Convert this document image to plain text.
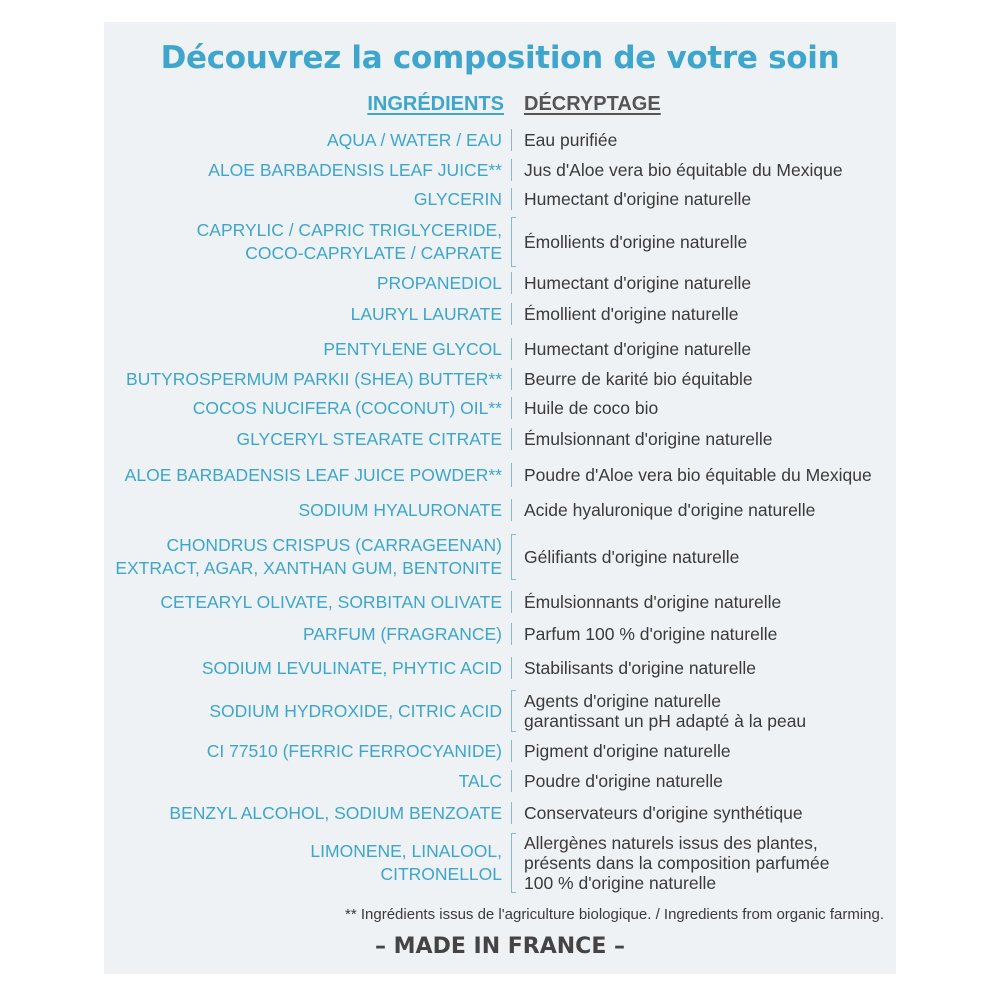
Découvrez la composition de votre soin
INGRÉDIENTS DÉCRYPTAGE
** Ingrédients issus de l'agriculture biologique. / Ingredients from organic farming.
– MADE IN FRANCE –
AQUA / WATER / EAU Eau purifiée
ALOE BARBADENSIS LEAF JUICE** Jus d'Aloe vera bio équitable du Mexique
GLYCERIN Humectant d'origine naturelle
CAPRYLIC / CAPRIC TRIGLYCERIDE,
COCO-CAPRYLATE / CAPRATE
Émollients d'origine naturelle
PROPANEDIOL Humectant d'origine naturelle
LAURYL LAURATE Émollient d'origine naturelle
PENTYLENE GLYCOL Humectant d'origine naturelle
BUTYROSPERMUM PARKII (SHEA) BUTTER** Beurre de karité bio équitable
COCOS NUCIFERA (COCONUT) OIL** Huile de coco bio
GLYCERYL STEARATE CITRATE Émulsionnant d'origine naturelle
ALOE BARBADENSIS LEAF JUICE POWDER** Poudre d'Aloe vera bio équitable du Mexique
SODIUM HYALURONATE Acide hyaluronique d'origine naturelle
CHONDRUS CRISPUS (CARRAGEENAN)
EXTRACT, AGAR, XANTHAN GUM, BENTONITE
Gélifiants d'origine naturelle
CETEARYL OLIVATE, SORBITAN OLIVATE Émulsionnants d'origine naturelle
PARFUM (FRAGRANCE) Parfum 100 % d'origine naturelle
SODIUM LEVULINATE, PHYTIC ACID Stabilisants d'origine naturelle
SODIUM HYDROXIDE, CITRIC ACID Agents d'origine naturelle
garantissant un pH adapté à la peau
CI 77510 (FERRIC FERROCYANIDE) Pigment d'origine naturelle
TALC Poudre d'origine naturelle
BENZYL ALCOHOL, SODIUM BENZOATE Conservateurs d'origine synthétique
LIMONENE, LINALOOL,
CITRONELLOL
Allergènes naturels issus des plantes,
présents dans la composition parfumée
100 % d'origine naturelle
